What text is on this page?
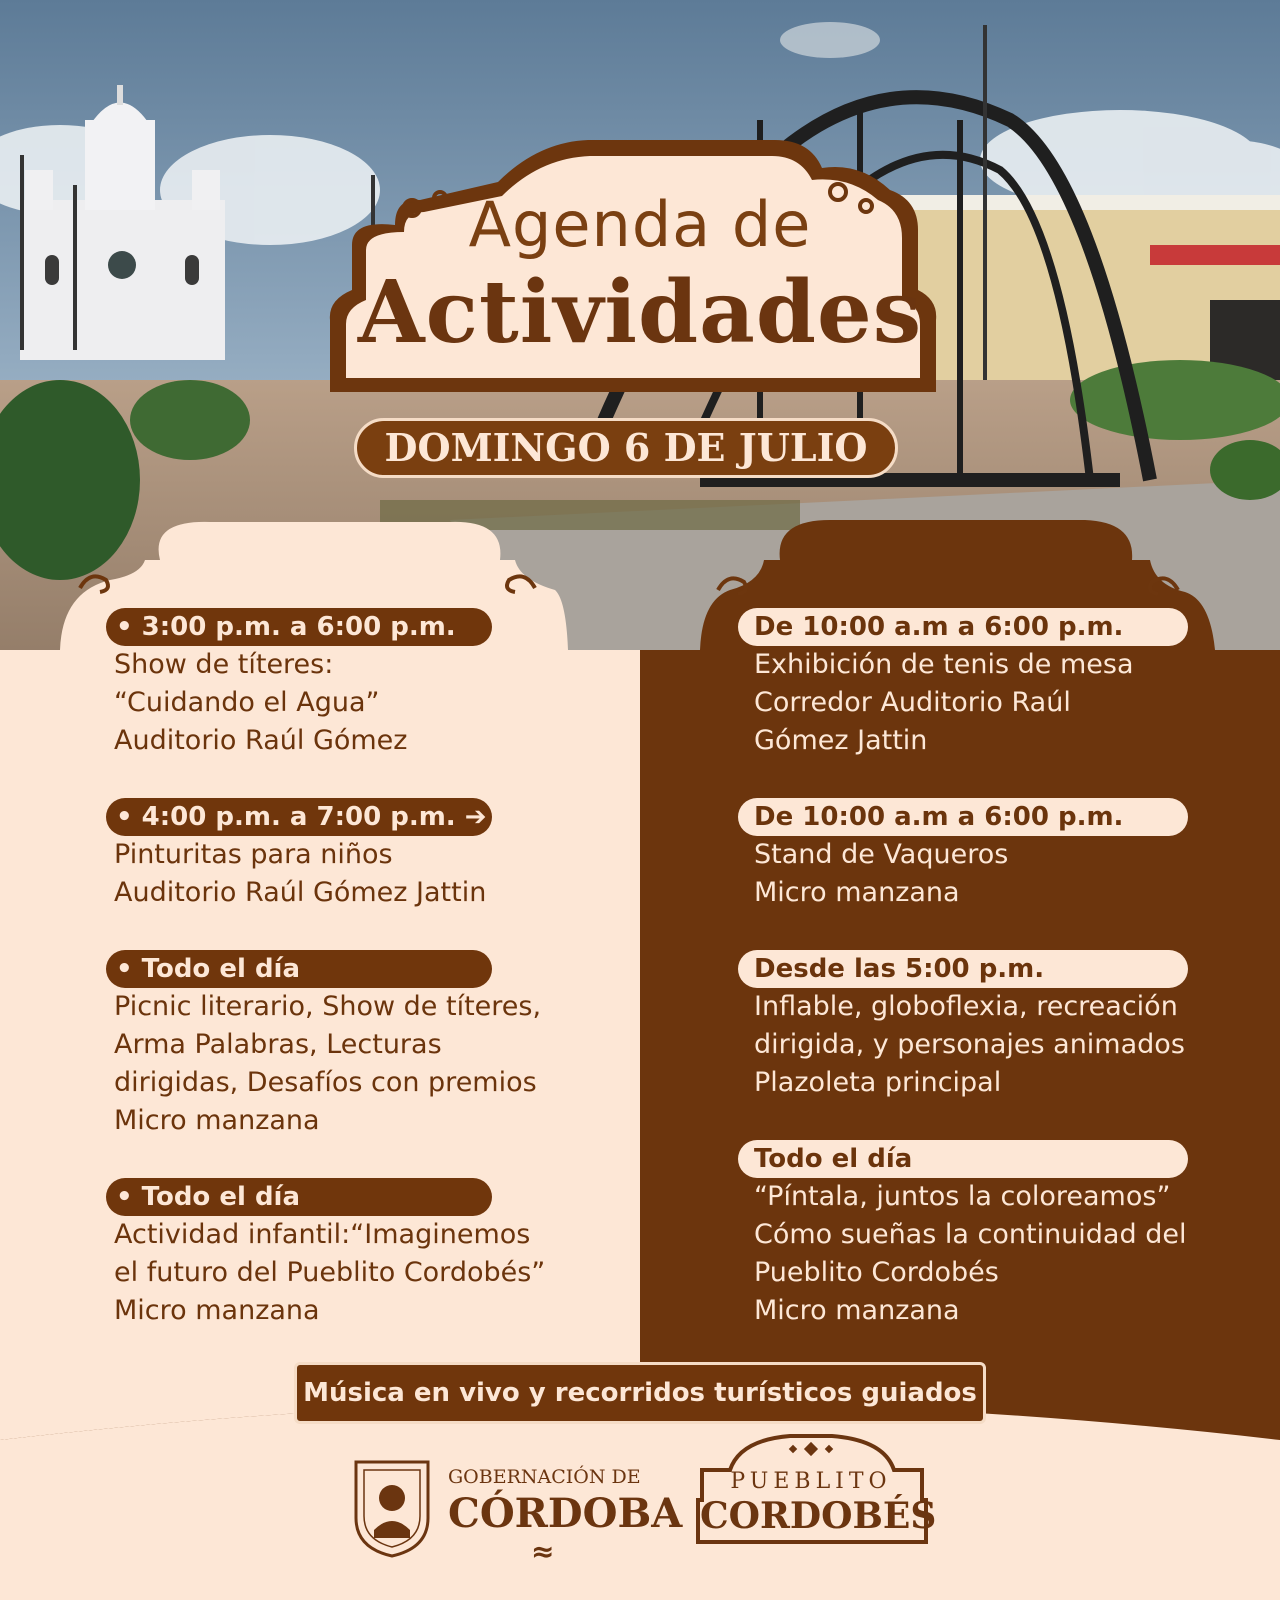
Agenda de
Actividades
DOMINGO 6 DE JULIO
• 3:00 p.m. a 6:00 p.m.
Show de títeres:
“Cuidando el Agua”
Auditorio Raúl Gómez
• 4:00 p.m. a 7:00 p.m. ➔
Pinturitas para niños
Auditorio Raúl Gómez Jattin
• Todo el día
Picnic literario, Show de títeres,
Arma Palabras, Lecturas
dirigidas, Desafíos con premios
Micro manzana
• Todo el día
Actividad infantil:“Imaginemos
el futuro del Pueblito Cordobés”
Micro manzana
De 10:00 a.m a 6:00 p.m.
Exhibición de tenis de mesa
Corredor Auditorio Raúl
Gómez Jattin
De 10:00 a.m a 6:00 p.m.
Stand de Vaqueros
Micro manzana
Desde las 5:00 p.m.
Inflable, globoflexia, recreación
dirigida, y personajes animados
Plazoleta principal
Todo el día
“Píntala, juntos la coloreamos”
Cómo sueñas la continuidad del
Pueblito Cordobés
Micro manzana
Música en vivo y recorridos turísticos guiados
GOBERNACIÓN DE
CÓRDOBA
≈
PUEBLITO
CORDOBÉS
